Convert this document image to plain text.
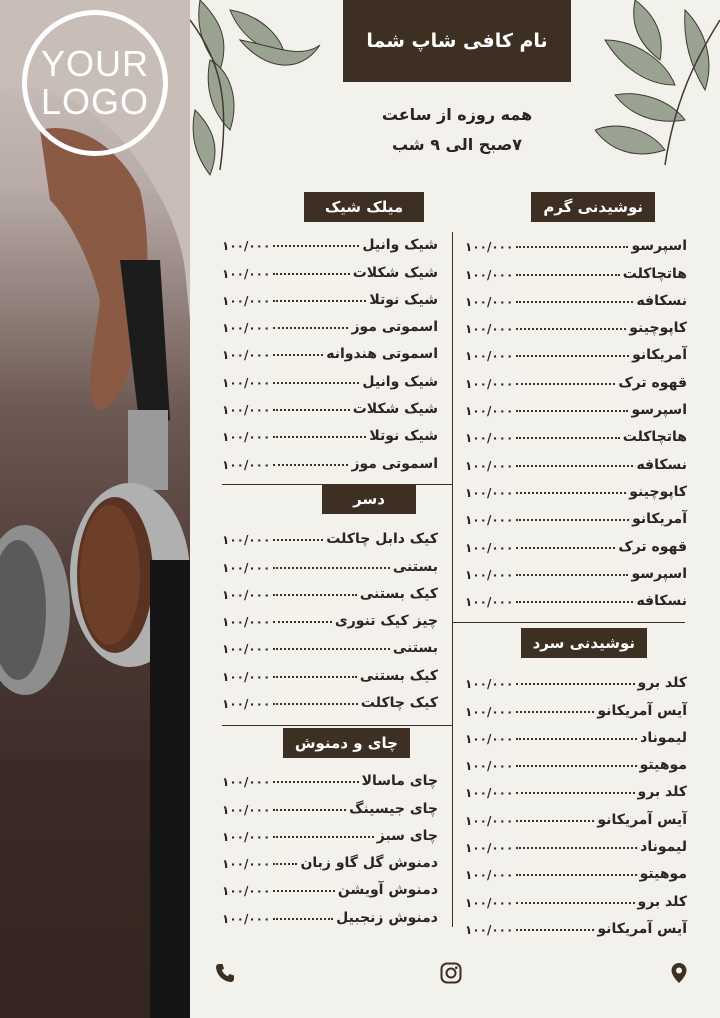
YOUR
LOGO
نام کافی شاپ شما
همه روزه از ساعت
۷صبح الی ۹ شب
نوشیدنی گرم
اسپرسو
۱۰۰/۰۰۰
هاتچاکلت
۱۰۰/۰۰۰
نسکافه
۱۰۰/۰۰۰
کاپوچینو
۱۰۰/۰۰۰
آمریکانو
۱۰۰/۰۰۰
قهوه ترک
۱۰۰/۰۰۰
اسپرسو
۱۰۰/۰۰۰
هاتچاکلت
۱۰۰/۰۰۰
نسکافه
۱۰۰/۰۰۰
کاپوچینو
۱۰۰/۰۰۰
آمریکانو
۱۰۰/۰۰۰
قهوه ترک
۱۰۰/۰۰۰
اسپرسو
۱۰۰/۰۰۰
نسکافه
۱۰۰/۰۰۰
نوشیدنی سرد
کلد برو
۱۰۰/۰۰۰
آیس آمریکانو
۱۰۰/۰۰۰
لیموناد
۱۰۰/۰۰۰
موهیتو
۱۰۰/۰۰۰
کلد برو
۱۰۰/۰۰۰
آیس آمریکانو
۱۰۰/۰۰۰
لیموناد
۱۰۰/۰۰۰
موهیتو
۱۰۰/۰۰۰
کلد برو
۱۰۰/۰۰۰
آیس آمریکانو
۱۰۰/۰۰۰
میلک شیک
شیک وانیل
۱۰۰/۰۰۰
شیک شکلات
۱۰۰/۰۰۰
شیک نوتلا
۱۰۰/۰۰۰
اسموتی موز
۱۰۰/۰۰۰
اسموتی هندوانه
۱۰۰/۰۰۰
شیک وانیل
۱۰۰/۰۰۰
شیک شکلات
۱۰۰/۰۰۰
شیک نوتلا
۱۰۰/۰۰۰
اسموتی موز
۱۰۰/۰۰۰
دسر
کیک دابل چاکلت
۱۰۰/۰۰۰
بستنی
۱۰۰/۰۰۰
کیک بستنی
۱۰۰/۰۰۰
چیز کیک تنوری
۱۰۰/۰۰۰
بستنی
۱۰۰/۰۰۰
کیک بستنی
۱۰۰/۰۰۰
کیک چاکلت
۱۰۰/۰۰۰
چای و دمنوش
چای ماسالا
۱۰۰/۰۰۰
چای جیسینگ
۱۰۰/۰۰۰
چای سبز
۱۰۰/۰۰۰
دمنوش گل گاو زبان
۱۰۰/۰۰۰
دمنوش آویشن
۱۰۰/۰۰۰
دمنوش زنجبیل
۱۰۰/۰۰۰
